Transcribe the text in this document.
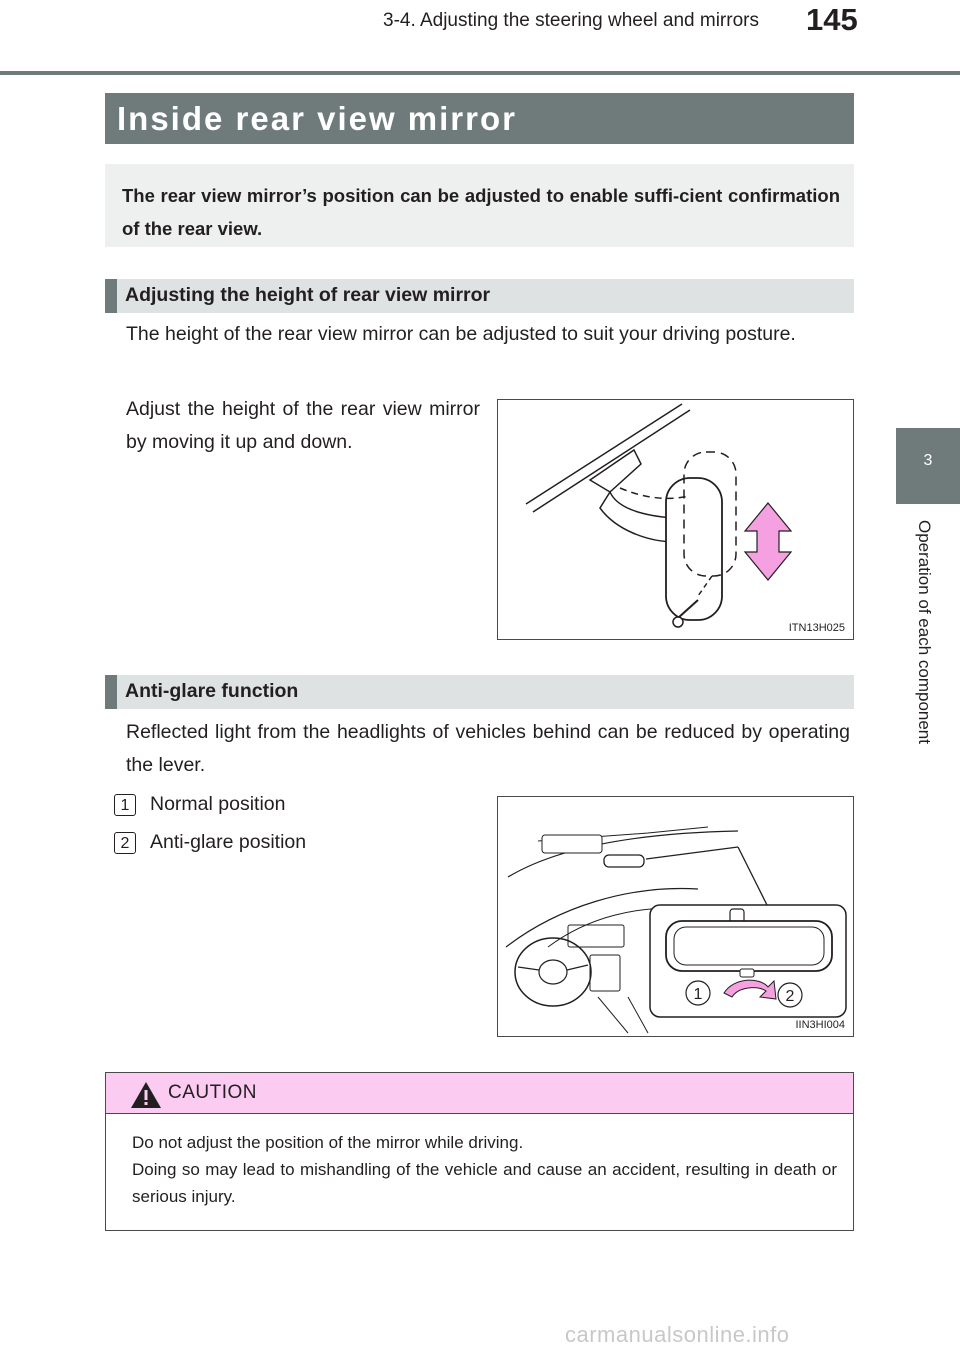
3-4. Adjusting the steering wheel and mirrors 145
3
Operation of each component
Inside rear view mirror

The rear view mirror’s position can be adjusted to enable suffi-cient confirmation of the rear view.

Adjusting the height of rear view mirror
The height of the rear view mirror can be adjusted to suit your driving posture.
Adjust the height of the rear view mirror by moving it up and down.
ITN13H025
Anti-glare function
Reflected light from the headlights of vehicles behind can be reduced by operating the lever.
1	Normal position
2	Anti-glare position
1	2
IIN3HI004
CAUTION
Do not adjust the position of the mirror while driving.
Doing so may lead to mishandling of the vehicle and cause an accident, resulting in death or serious injury.
carmanualsonline.info
